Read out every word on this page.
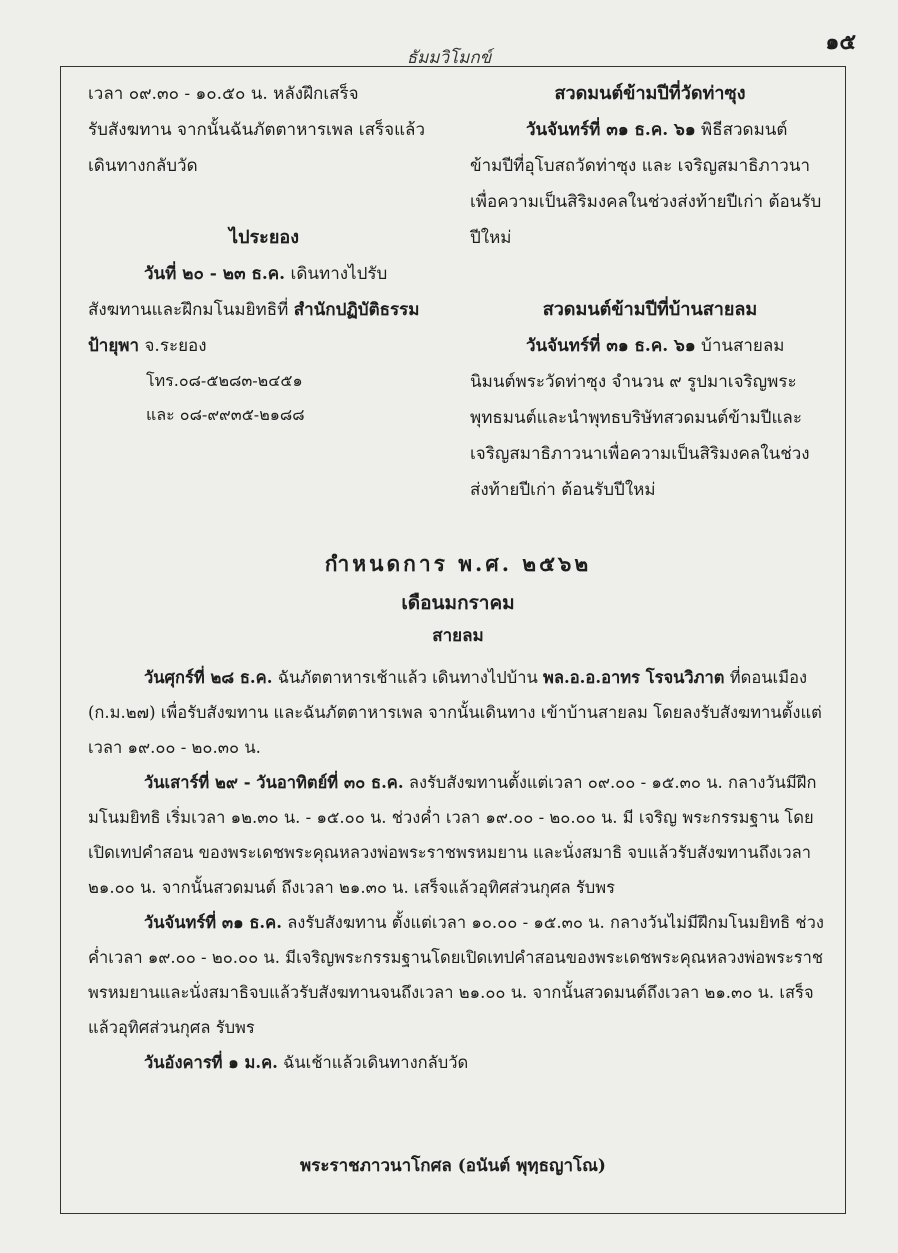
๑๕
ธัมมวิโมกข์

เวลา ๐๙.๓๐ - ๑๐.๕๐ น. หลังฝึกเสร็จ

รับสังฆทาน จากนั้นฉันภัตตาหารเพล เสร็จแล้ว

เดินทางกลับวัด

ไประยอง

วันที่ ๒๐ - ๒๓ ธ.ค. เดินทางไปรับ

สังฆทานและฝึกมโนมยิทธิที่ สำนักปฏิบัติธรรม

ป้ายุพา จ.ระยอง

โทร.๐๘-๕๒๘๓-๒๔๕๑

และ ๐๘-๙๙๓๕-๒๑๘๘

สวดมนต์ข้ามปีที่วัดท่าซุง

วันจันทร์ที่ ๓๑ ธ.ค. ๖๑ พิธีสวดมนต์

ข้ามปีที่อุโบสถวัดท่าซุง และ เจริญสมาธิภาวนา

เพื่อความเป็นสิริมงคลในช่วงส่งท้ายปีเก่า ต้อนรับ

ปีใหม่

สวดมนต์ข้ามปีที่บ้านสายลม

วันจันทร์ที่ ๓๑ ธ.ค. ๖๑ บ้านสายลม

นิมนต์พระวัดท่าซุง จำนวน ๙ รูปมาเจริญพระ

พุทธมนต์และนำพุทธบริษัทสวดมนต์ข้ามปีและ

เจริญสมาธิภาวนาเพื่อความเป็นสิริมงคลในช่วง

ส่งท้ายปีเก่า ต้อนรับปีใหม่

กำหนดการ พ.ศ. ๒๕๖๒
เดือนมกราคม
สายลม

วันศุกร์ที่ ๒๘ ธ.ค. ฉันภัตตาหารเช้าแล้ว เดินทางไปบ้าน พล.อ.อ.อาทร โรจนวิภาต ที่ดอนเมือง (ก.ม.๒๗) เพื่อรับสังฆทาน และฉันภัตตาหารเพล จากนั้นเดินทาง เข้าบ้านสายลม โดยลงรับสังฆทานตั้งแต่เวลา ๑๙.๐๐ - ๒๐.๓๐ น.

วันเสาร์ที่ ๒๙ - วันอาทิตย์ที่ ๓๐ ธ.ค. ลงรับสังฆทานตั้งแต่เวลา ๐๙.๐๐ - ๑๕.๓๐ น. กลางวันมีฝึกมโนมยิทธิ เริ่มเวลา ๑๒.๓๐ น. - ๑๕.๐๐ น. ช่วงค่ำ เวลา ๑๙.๐๐ - ๒๐.๐๐ น. มี เจริญ พระกรรมฐาน โดยเปิดเทปคำสอน ของพระเดชพระคุณหลวงพ่อพระราชพรหมยาน และนั่งสมาธิ จบแล้วรับสังฆทานถึงเวลา ๒๑.๐๐ น. จากนั้นสวดมนต์ ถึงเวลา ๒๑.๓๐ น. เสร็จแล้วอุทิศส่วนกุศล รับพร

วันจันทร์ที่ ๓๑ ธ.ค. ลงรับสังฆทาน ตั้งแต่เวลา ๑๐.๐๐ - ๑๕.๓๐ น. กลางวันไม่มีฝึกมโนมยิทธิ ช่วงค่ำเวลา ๑๙.๐๐ - ๒๐.๐๐ น. มีเจริญพระกรรมฐานโดยเปิดเทปคำสอนของพระเดชพระคุณหลวงพ่อพระราชพรหมยานและนั่งสมาธิจบแล้วรับสังฆทานจนถึงเวลา ๒๑.๐๐ น. จากนั้นสวดมนต์ถึงเวลา ๒๑.๓๐ น. เสร็จแล้วอุทิศส่วนกุศล รับพร

วันอังคารที่ ๑ ม.ค. ฉันเช้าแล้วเดินทางกลับวัด

พระราชภาวนาโกศล (อนันต์ พุทฺธญาโณ)
